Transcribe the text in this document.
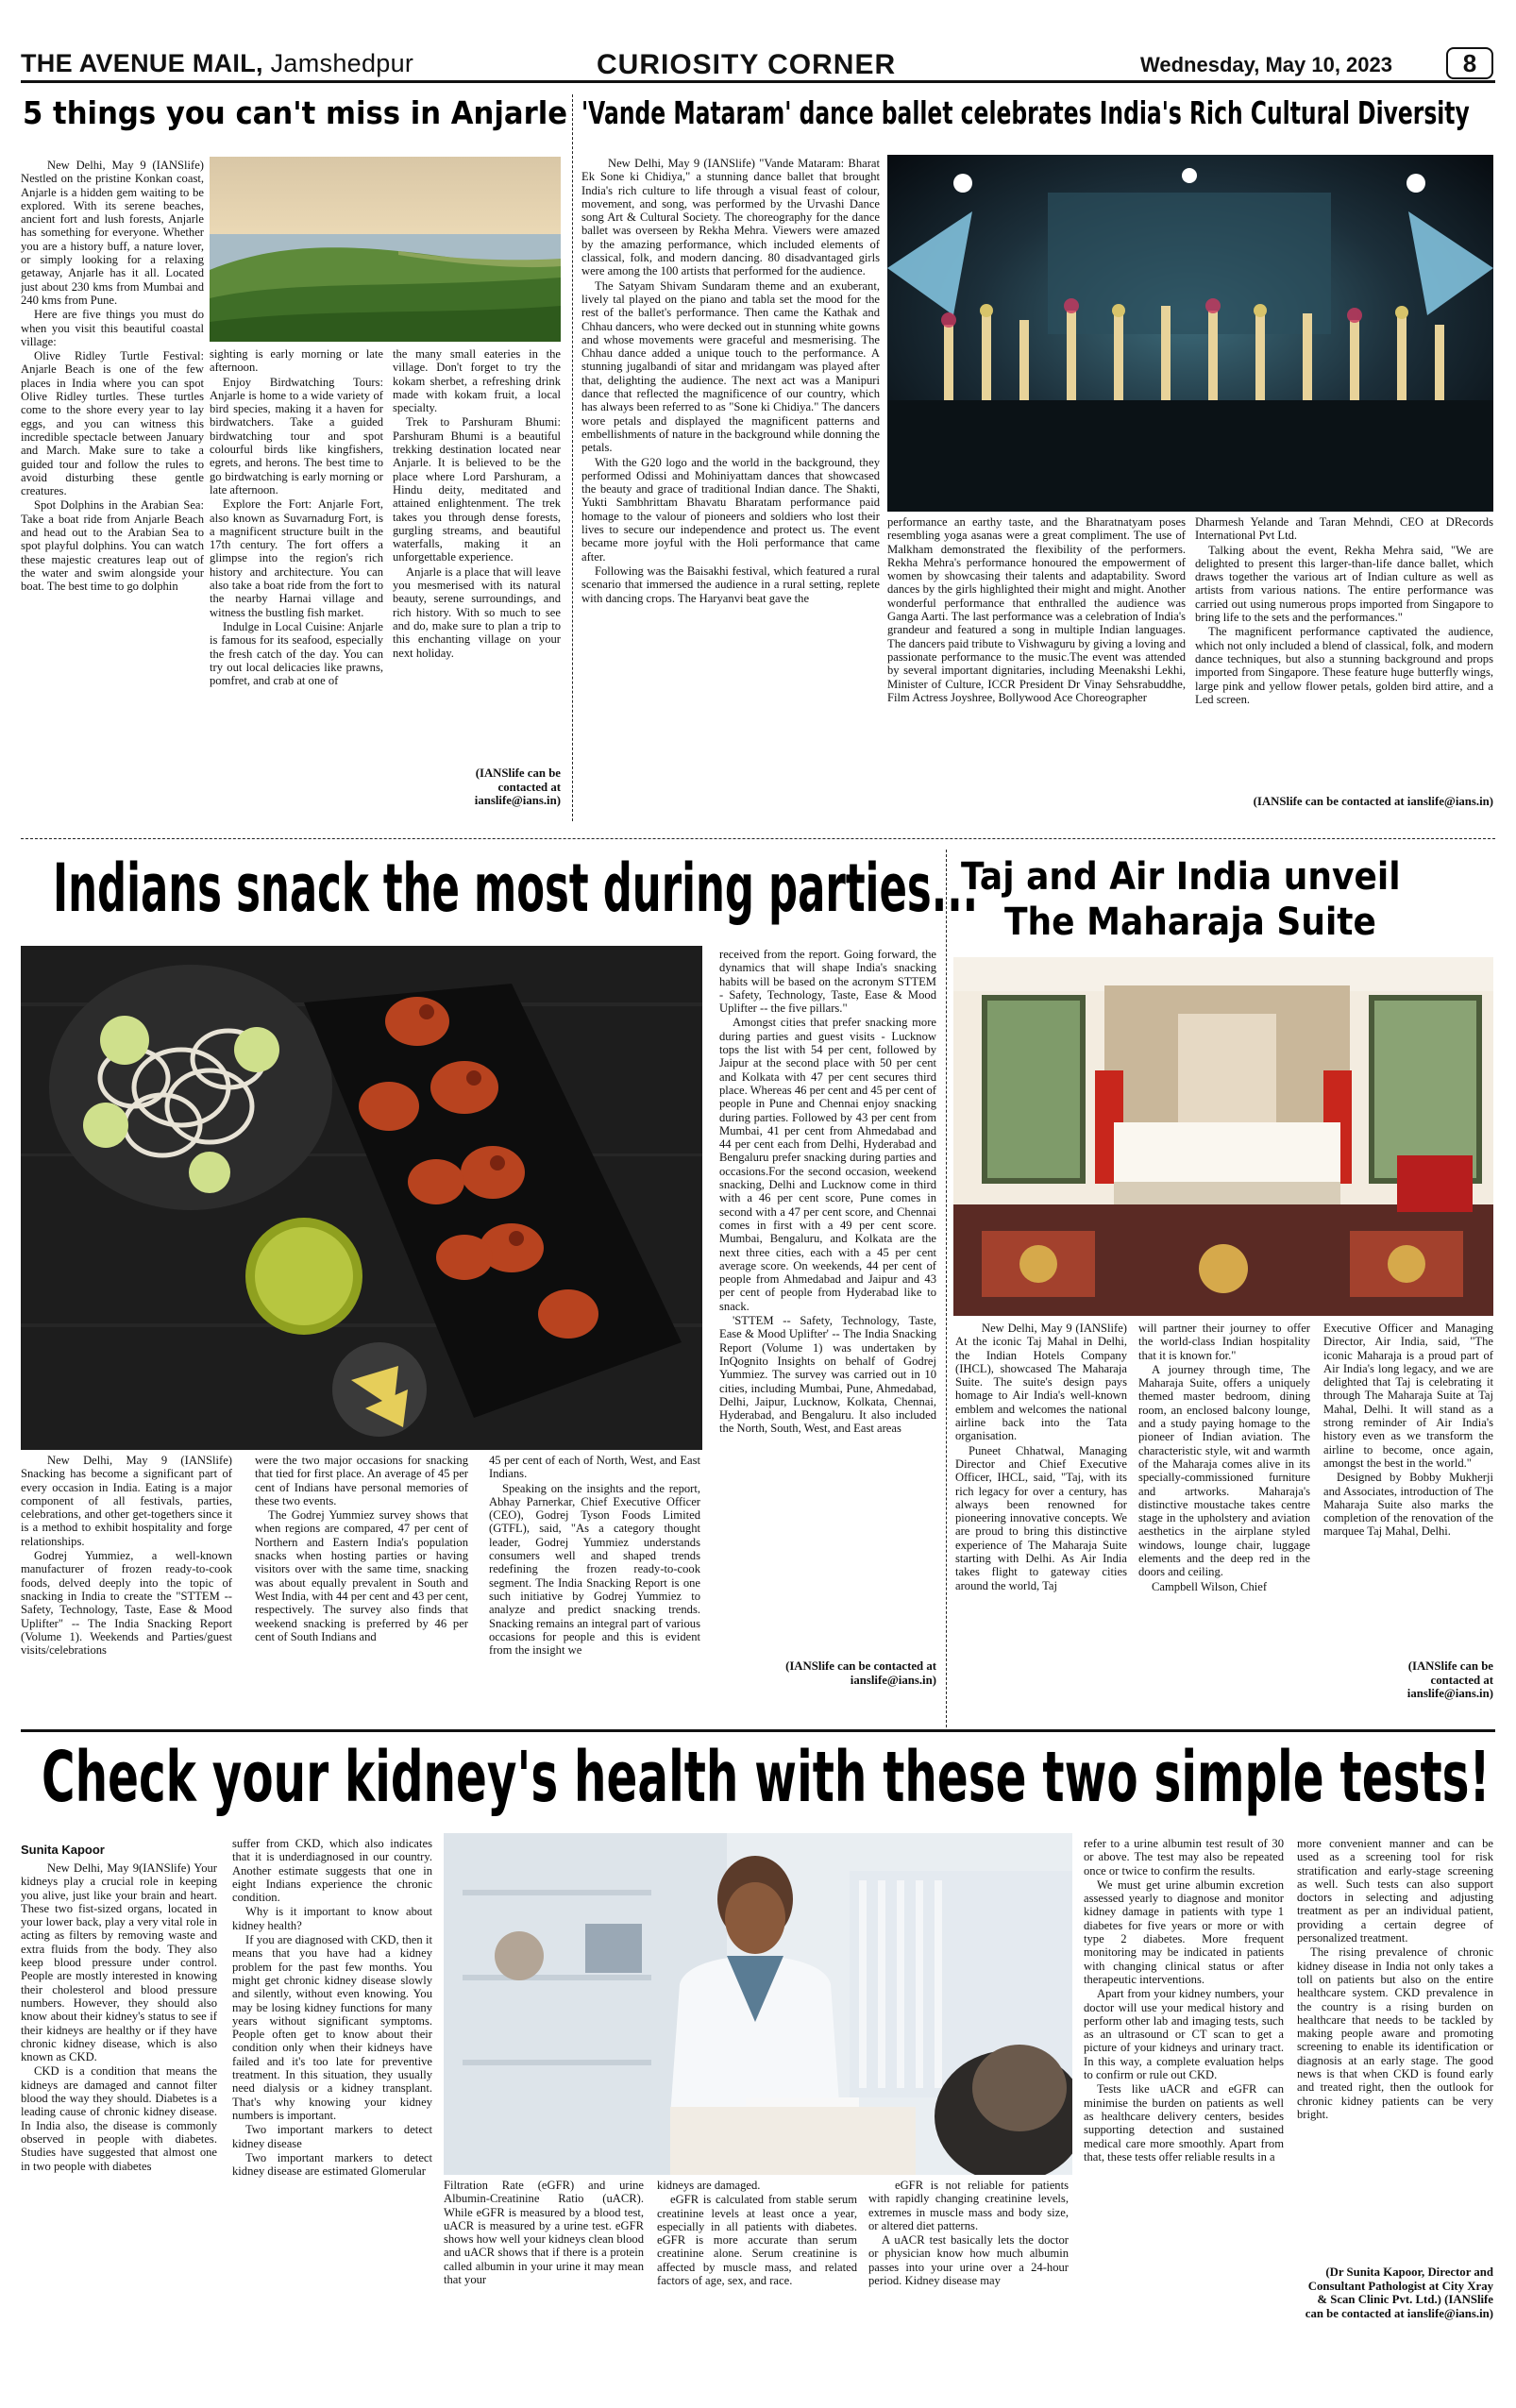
THE AVENUE MAIL, Jamshedpur	CURIOSITY CORNER	Wednesday, May 10, 2023	8
5 things you can't miss in Anjarle

New Delhi, May 9 (IANSlife) Nestled on the pristine Konkan coast, Anjarle is a hidden gem waiting to be explored. With its serene beaches, ancient fort and lush forests, Anjarle has something for everyone. Whether you are a history buff, a nature lover, or simply looking for a relaxing getaway, Anjarle has it all. Located just about 230 kms from Mumbai and 240 kms from Pune.

Here are five things you must do when you visit this beautiful coastal village:

Olive Ridley Turtle Festival: Anjarle Beach is one of the few places in India where you can spot Olive Ridley turtles. These turtles come to the shore every year to lay eggs, and you can witness this incredible spectacle between January and March. Make sure to take a guided tour and follow the rules to avoid disturbing these gentle creatures.

Spot Dolphins in the Arabian Sea: Take a boat ride from Anjarle Beach and head out to the Arabian Sea to spot playful dolphins. You can watch these majestic creatures leap out of the water and swim alongside your boat. The best time to go dolphin

sighting is early morning or late afternoon.

Enjoy Birdwatching Tours: Anjarle is home to a wide variety of bird species, making it a haven for birdwatchers. Take a guided birdwatching tour and spot colourful birds like kingfishers, egrets, and herons. The best time to go birdwatching is early morning or late afternoon.

Explore the Fort: Anjarle Fort, also known as Suvarnadurg Fort, is a magnificent structure built in the 17th century. The fort offers a glimpse into the region's rich history and architecture. You can also take a boat ride from the fort to the nearby Harnai village and witness the bustling fish market.

Indulge in Local Cuisine: Anjarle is famous for its seafood, especially the fresh catch of the day. You can try out local delicacies like prawns, pomfret, and crab at one of

the many small eateries in the village. Don't forget to try the kokam sherbet, a refreshing drink made with kokam fruit, a local specialty.

Trek to Parshuram Bhumi: Parshuram Bhumi is a beautiful trekking destination located near Anjarle. It is believed to be the place where Lord Parshuram, a Hindu deity, meditated and attained enlightenment. The trek takes you through dense forests, gurgling streams, and beautiful waterfalls, making it an unforgettable experience.

Anjarle is a place that will leave you mesmerised with its natural beauty, serene surroundings, and rich history. With so much to see and do, make sure to plan a trip to this enchanting village on your next holiday.

(IANSlife can be contacted at ianslife@ians.in)
'Vande Mataram' dance ballet celebrates India's Rich Cultural Diversity

New Delhi, May 9 (IANSlife) "Vande Mataram: Bharat Ek Sone ki Chidiya," a stunning dance ballet that brought India's rich culture to life through a visual feast of colour, movement, and song, was performed by the Urvashi Dance song Art & Cultural Society. The choreography for the dance ballet was overseen by Rekha Mehra. Viewers were amazed by the amazing performance, which included elements of classical, folk, and modern dancing. 80 disadvantaged girls were among the 100 artists that performed for the audience.

The Satyam Shivam Sundaram theme and an exuberant, lively tal played on the piano and tabla set the mood for the rest of the ballet's performance. Then came the Kathak and Chhau dancers, who were decked out in stunning white gowns and whose movements were graceful and mesmerising. The Chhau dance added a unique touch to the performance. A stunning jugalbandi of sitar and mridangam was played after that, delighting the audience. The next act was a Manipuri dance that reflected the magnificence of our country, which has always been referred to as "Sone ki Chidiya." The dancers wore petals and displayed the magnificent patterns and embellishments of nature in the background while donning the petals.

With the G20 logo and the world in the background, they performed Odissi and Mohiniyattam dances that showcased the beauty and grace of traditional Indian dance. The Shakti, Yukti Sambhrittam Bhavatu Bharatam performance paid homage to the valour of pioneers and soldiers who lost their lives to secure our independence and protect us. The event became more joyful with the Holi performance that came after.

Following was the Baisakhi festival, which featured a rural scenario that immersed the audience in a rural setting, replete with dancing crops. The Haryanvi beat gave the

performance an earthy taste, and the Bharatnatyam poses resembling yoga asanas were a great compliment. The use of Malkham demonstrated the flexibility of the performers. Rekha Mehra's performance honoured the empowerment of women by showcasing their talents and adaptability. Sword dances by the girls highlighted their might and might. Another wonderful performance that enthralled the audience was Ganga Aarti. The last performance was a celebration of India's grandeur and featured a song in multiple Indian languages. The dancers paid tribute to Vishwaguru by giving a loving and passionate performance to the music.The event was attended by several important dignitaries, including Meenakshi Lekhi, Minister of Culture, ICCR President Dr Vinay Sehsrabuddhe, Film Actress Joyshree, Bollywood Ace Choreographer

Dharmesh Yelande and Taran Mehndi, CEO at DRecords International Pvt Ltd.

Talking about the event, Rekha Mehra said, "We are delighted to present this larger-than-life dance ballet, which draws together the various art of Indian culture as well as artists from various nations. The entire performance was carried out using numerous props imported from Singapore to bring life to the sets and the performances."

The magnificent performance captivated the audience, which not only included a blend of classical, folk, and modern dance techniques, but also a stunning background and props imported from Singapore. These feature huge butterfly wings, large pink and yellow flower petals, golden bird attire, and a Led screen.

(IANSlife can be contacted at ianslife@ians.in)
Indians snack the most during parties...

New Delhi, May 9 (IANSlife) Snacking has become a significant part of every occasion in India. Eating is a major component of all festivals, parties, celebrations, and other get-togethers since it is a method to exhibit hospitality and forge relationships.

Godrej Yummiez, a well-known manufacturer of frozen ready-to-cook foods, delved deeply into the topic of snacking in India to create the "STTEM -- Safety, Technology, Taste, Ease & Mood Uplifter" -- The India Snacking Report (Volume 1). Weekends and Parties/guest visits/celebrations

were the two major occasions for snacking that tied for first place. An average of 45 per cent of Indians have personal memories of these two events.

The Godrej Yummiez survey shows that when regions are compared, 47 per cent of Northern and Eastern India's population snacks when hosting parties or having visitors over with the same time, snacking was about equally prevalent in South and West India, with 44 per cent and 43 per cent, respectively. The survey also finds that weekend snacking is preferred by 46 per cent of South Indians and

45 per cent of each of North, West, and East Indians.

Speaking on the insights and the report, Abhay Parnerkar, Chief Executive Officer (CEO), Godrej Tyson Foods Limited (GTFL), said, "As a category thought leader, Godrej Yummiez understands consumers well and shaped trends redefining the frozen ready-to-cook segment. The India Snacking Report is one such initiative by Godrej Yummiez to analyze and predict snacking trends. Snacking remains an integral part of various occasions for people and this is evident from the insight we

received from the report. Going forward, the dynamics that will shape India's snacking habits will be based on the acronym STTEM - Safety, Technology, Taste, Ease & Mood Uplifter -- the five pillars."

Amongst cities that prefer snacking more during parties and guest visits - Lucknow tops the list with 54 per cent, followed by Jaipur at the second place with 50 per cent and Kolkata with 47 per cent secures third place. Whereas 46 per cent and 45 per cent of people in Pune and Chennai enjoy snacking during parties. Followed by 43 per cent from Mumbai, 41 per cent from Ahmedabad and 44 per cent each from Delhi, Hyderabad and Bengaluru prefer snacking during parties and occasions.For the second occasion, weekend snacking, Delhi and Lucknow come in third with a 46 per cent score, Pune comes in second with a 47 per cent score, and Chennai comes in first with a 49 per cent score. Mumbai, Bengaluru, and Kolkata are the next three cities, each with a 45 per cent average score. On weekends, 44 per cent of people from Ahmedabad and Jaipur and 43 per cent of people from Hyderabad like to snack.

'STTEM -- Safety, Technology, Taste, Ease & Mood Uplifter' -- The India Snacking Report (Volume 1) was undertaken by InQognito Insights on behalf of Godrej Yummiez. The survey was carried out in 10 cities, including Mumbai, Pune, Ahmedabad, Delhi, Jaipur, Lucknow, Kolkata, Chennai, Hyderabad, and Bengaluru. It also included the North, South, West, and East areas

(IANSlife can be contacted at ianslife@ians.in)
Taj and Air India unveil
The Maharaja Suite

New Delhi, May 9 (IANSlife) At the iconic Taj Mahal in Delhi, the Indian Hotels Company (IHCL), showcased The Maharaja Suite. The suite's design pays homage to Air India's well-known emblem and welcomes the national airline back into the Tata organisation.

Puneet Chhatwal, Managing Director and Chief Executive Officer, IHCL, said, "Taj, with its rich legacy for over a century, has always been renowned for pioneering innovative concepts. We are proud to bring this distinctive experience of The Maharaja Suite starting with Delhi. As Air India takes flight to gateway cities around the world, Taj

will partner their journey to offer the world-class Indian hospitality that it is known for."

A journey through time, The Maharaja Suite, offers a uniquely themed master bedroom, dining room, an enclosed balcony lounge, and a study paying homage to the pioneer of Indian aviation. The characteristic style, wit and warmth of the Maharaja comes alive in its specially-commissioned furniture and artworks. Maharaja's distinctive moustache takes centre stage in the upholstery and aviation aesthetics in the airplane styled windows, lounge chair, luggage elements and the deep red in the doors and ceiling.

Campbell Wilson, Chief

Executive Officer and Managing Director, Air India, said, "The iconic Maharaja is a proud part of Air India's long legacy, and we are delighted that Taj is celebrating it through The Maharaja Suite at Taj Mahal, Delhi. It will stand as a strong reminder of Air India's history even as we transform the airline to become, once again, amongst the best in the world."

Designed by Bobby Mukherji and Associates, introduction of The Maharaja Suite also marks the completion of the renovation of the marquee Taj Mahal, Delhi.

(IANSlife can be contacted at ianslife@ians.in)
Check your kidney's health with these two simple tests!
Sunita Kapoor

New Delhi, May 9(IANSlife) Your kidneys play a crucial role in keeping you alive, just like your brain and heart. These two fist-sized organs, located in your lower back, play a very vital role in acting as filters by removing waste and extra fluids from the body. They also keep blood pressure under control. People are mostly interested in knowing their cholesterol and blood pressure numbers. However, they should also know about their kidney's status to see if their kidneys are healthy or if they have chronic kidney disease, which is also known as CKD.

CKD is a condition that means the kidneys are damaged and cannot filter blood the way they should. Diabetes is a leading cause of chronic kidney disease. In India also, the disease is commonly observed in people with diabetes. Studies have suggested that almost one in two people with diabetes

suffer from CKD, which also indicates that it is underdiagnosed in our country. Another estimate suggests that one in eight Indians experience the chronic condition.

Why is it important to know about kidney health?

If you are diagnosed with CKD, then it means that you have had a kidney problem for the past few months. You might get chronic kidney disease slowly and silently, without even knowing. You may be losing kidney functions for many years without significant symptoms. People often get to know about their condition only when their kidneys have failed and it's too late for preventive treatment. In this situation, they usually need dialysis or a kidney transplant. That's why knowing your kidney numbers is important.

Two important markers to detect kidney disease

Two important markers to detect kidney disease are estimated Glomerular

Filtration Rate (eGFR) and urine Albumin-Creatinine Ratio (uACR). While eGFR is measured by a blood test, uACR is measured by a urine test. eGFR shows how well your kidneys clean blood and uACR shows that if there is a protein called albumin in your urine it may mean that your

kidneys are damaged.

eGFR is calculated from stable serum creatinine levels at least once a year, especially in all patients with diabetes. eGFR is more accurate than serum creatinine alone. Serum creatinine is affected by muscle mass, and related factors of age, sex, and race.

eGFR is not reliable for patients with rapidly changing creatinine levels, extremes in muscle mass and body size, or altered diet patterns.

A uACR test basically lets the doctor or physician know how much albumin passes into your urine over a 24-hour period. Kidney disease may

refer to a urine albumin test result of 30 or above. The test may also be repeated once or twice to confirm the results.

We must get urine albumin excretion assessed yearly to diagnose and monitor kidney damage in patients with type 1 diabetes for five years or more or with type 2 diabetes. More frequent monitoring may be indicated in patients with changing clinical status or after therapeutic interventions.

Apart from your kidney numbers, your doctor will use your medical history and perform other lab and imaging tests, such as an ultrasound or CT scan to get a picture of your kidneys and urinary tract. In this way, a complete evaluation helps to confirm or rule out CKD.

Tests like uACR and eGFR can minimise the burden on patients as well as healthcare delivery centers, besides supporting detection and sustained medical care more smoothly. Apart from that, these tests offer reliable results in a

more convenient manner and can be used as a screening tool for risk stratification and early-stage screening as well. Such tests can also support doctors in selecting and adjusting treatment as per an individual patient, providing a certain degree of personalized treatment.

The rising prevalence of chronic kidney disease in India not only takes a toll on patients but also on the entire healthcare system. CKD prevalence in the country is a rising burden on healthcare that needs to be tackled by making people aware and promoting screening to enable its identification or diagnosis at an early stage. The good news is that when CKD is found early and treated right, then the outlook for chronic kidney patients can be very bright.

(Dr Sunita Kapoor, Director and Consultant Pathologist at City Xray & Scan Clinic Pvt. Ltd.) (IANSlife can be contacted at ianslife@ians.in)
